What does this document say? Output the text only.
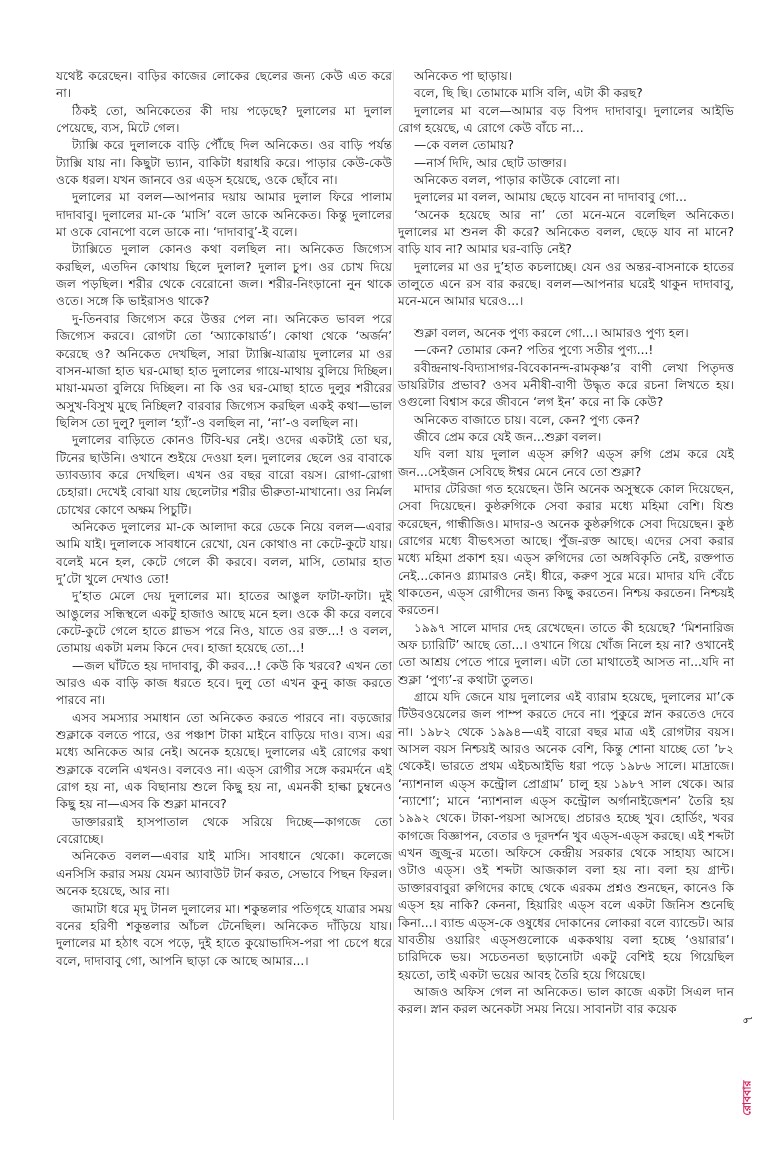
যথেষ্ট করেছেন। বাড়ির কাজের লোকের ছেলের জন্য কেউ এত করে না।

ঠিকই তো, অনিকেতের কী দায় পড়েছে? দুলালের মা দুলাল পেয়েছে, ব্যস, মিটে গেল।

ট্যাক্সি করে দুলালকে বাড়ি পৌঁছে দিল অনিকেত। ওর বাড়ি পর্যন্ত ট্যাক্সি যায় না। কিছুটা ভ্যান, বাকিটা ধরাধরি করে। পাড়ার কেউ-কেউ ওকে ধরল। যখন জানবে ওর এড্‌স হয়েছে, ওকে ছোঁবে না।

দুলালের মা বলল—আপনার দয়ায় আমার দুলাল ফিরে পালাম দাদাবাবু। দুলালের মা-কে ‘মাসি’ বলে ডাকে অনিকেত। কিন্তু দুলালের মা ওকে বোনপো বলে ডাকে না। ‘দাদাবাবু’-ই বলে।

ট্যাক্সিতে দুলাল কোনও কথা বলছিল না। অনিকেত জিগ্যেস করছিল, এতদিন কোথায় ছিলে দুলাল? দুলাল চুপ। ওর চোখ দিয়ে জল পড়ছিল। শরীর থেকে বেরোনো জল। শরীর-নিংড়ানো নুন থাকে ওতে। সঙ্গে কি ভাইরাসও থাকে?

দু-তিনবার জিগ্যেস করে উত্তর পেল না। অনিকেত ভাবল পরে জিগ্যেস করবে। রোগটা তো ‘অ্যাকোয়ার্ড’। কোথা থেকে ‘অর্জন’ করেছে ও? অনিকেত দেখছিল, সারা ট্যাক্সি-যাত্রায় দুলালের মা ওর বাসন-মাজা হাত ঘর-মোছা হাত দুলালের গায়ে-মাথায় বুলিয়ে দিচ্ছিল। মায়া-মমতা বুলিয়ে দিচ্ছিল। না কি ওর ঘর-মোছা হাতে দুলুর শরীরের অসুখ-বিসুখ মুছে নিচ্ছিল? বারবার জিগ্যেস করছিল একই কথা—ভাল ছিলিস তো দুলু? দুলাল ‘হ্যাঁ’-ও বলছিল না, ‘না’-ও বলছিল না।

দুলালের বাড়িতে কোনও টিবি-ঘর নেই। ওদের একটাই তো ঘর, টিনের ছাউনি। ওখানে শুইয়ে দেওয়া হল। দুলালের ছেলে ওর বাবাকে ড্যাবড্যাব করে দেখছিল। এখন ওর বছর বারো বয়স। রোগা-রোগা চেহারা। দেখেই বোঝা যায় ছেলেটার শরীর ভীরুতা-মাখানো। ওর নির্মল চোখের কোণে অক্ষম পিচুটি।

অনিকেত দুলালের মা-কে আলাদা করে ডেকে নিয়ে বলল—এবার আমি যাই। দুলালকে সাবধানে রেখো, যেন কোথাও না কেটে-কুটে যায়। বলেই মনে হল, কেটে গেলে কী করবে। বলল, মাসি, তোমার হাত দু’টো খুলে দেখাও তো!

দু’হাত মেলে দেয় দুলালের মা। হাতের আঙুল ফাটা-ফাটা। দুই আঙুলের সন্ধিস্থলে একটু হাজাও আছে মনে হল। ওকে কী করে বলবে কেটে-কুটে গেলে হাতে গ্লাভস পরে নিও, যাতে ওর রক্ত...! ও বলল, তোমায় একটা মলম কিনে দেব। হাজা হয়েছে তো...!

—জল ঘাঁটতে হয় দাদাবাবু, কী করব...! কেউ কি খরবে? এখন তো আরও এক বাড়ি কাজ ধরতে হবে। দুলু তো এখন কুনু কাজ করতে পারবে না।

এসব সমস্যার সমাধান তো অনিকেত করতে পারবে না। বড়জোর শুক্লাকে বলতে পারে, ওর পঞ্চাশ টাকা মাইনে বাড়িয়ে দাও। ব্যস। এর মধ্যে অনিকেত আর নেই। অনেক হয়েছে। দুলালের এই রোগের কথা শুক্লাকে বলেনি এখনও। বলবেও না। এড্‌স রোগীর সঙ্গে করমর্দনে এই রোগ হয় না, এক বিছানায় শুলে কিছু হয় না, এমনকী হাল্কা চুম্বনেও কিছু হয় না—এসব কি শুক্লা মানবে?

ডাক্তাররাই হাসপাতাল থেকে সরিয়ে দিচ্ছে—কাগজে তো বেরোচ্ছে।

অনিকেত বলল—এবার যাই মাসি। সাবধানে থেকো। কলেজে এনসিসি করার সময় যেমন অ্যাবাউট টার্ন করত, সেভাবে পিছন ফিরল। অনেক হয়েছে, আর না।

জামাটা ধরে মৃদু টানল দুলালের মা। শকুন্তলার পতিগৃহে যাত্রার সময় বনের হরিণী শকুন্তলার আঁচল টেনেছিল। অনিকেত দাঁড়িয়ে যায়। দুলালের মা হঠাৎ বসে পড়ে, দুই হাতে কুয়োভাদিস-পরা পা চেপে ধরে বলে, দাদাবাবু গো, আপনি ছাড়া কে আছে আমার...।

অনিকেত পা ছাড়ায়।

বলে, ছি ছি। তোমাকে মাসি বলি, এটা কী করছ?

দুলালের মা বলে—আমার বড় বিপদ দাদাবাবু। দুলালের আইভি রোগ হয়েছে, এ রোগে কেউ বাঁচে না...

—কে বলল তোমায়?

—নার্স দিদি, আর ছোট ডাক্তার।

অনিকেত বলল, পাড়ার কাউকে বোলো না।

দুলালের মা বলল, আমায় ছেড়ে যাবেন না দাদাবাবু গো...

‘অনেক হয়েছে আর না’ তো মনে-মনে বলেছিল অনিকেত। দুলালের মা শুনল কী করে? অনিকেত বলল, ছেড়ে যাব না মানে? বাড়ি যাব না? আমার ঘর-বাড়ি নেই?

দুলালের মা ওর দু’হাত কচলাচ্ছে। যেন ওর অন্তর-বাসনাকে হাতের তালুতে এনে রস বার করছে। বলল—আপনার ঘরেই থাকুন দাদাবাবু, মনে-মনে আমার ঘরেও...।

শুক্লা বলল, অনেক পুণ্য করলে গো...। আমারও পুণ্য হল।

—কেন? তোমার কেন? পতির পুণ্যে সতীর পুণ্য...!

রবীন্দ্রনাথ-বিদ্যাসাগর-বিবেকানন্দ-রামকৃষ্ণ’র বাণী লেখা পিতৃদত্ত ডায়রিটার প্রভাব? ওসব মনীষী-বাণী উদ্ধৃত করে রচনা লিখতে হয়। ওগুলো বিশ্বাস করে জীবনে ‘লগ ইন’ করে না কি কেউ?

অনিকেত বাজাতে চায়। বলে, কেন? পুণ্য কেন?

জীবে প্রেম করে যেই জন...শুক্লা বলল।

যদি বলা যায় দুলাল এড্‌স রুগি? এড্‌স রুগি প্রেম করে যেই জন...সেইজন সেবিছে ঈশ্বর মেনে নেবে তো শুক্লা?

মাদার টেরিজা গত হয়েছেন। উনি অনেক অসুস্থকে কোল দিয়েছেন, সেবা দিয়েছেন। কুষ্ঠরুগিকে সেবা করার মধ্যে মহিমা বেশি। যিশু করেছেন, গান্ধীজিও। মাদার-ও অনেক কুষ্ঠরুগিকে সেবা দিয়েছেন। কুষ্ঠ রোগের মধ্যে বীভৎসতা আছে। পুঁজ-রক্ত আছে। এদের সেবা করার মধ্যে মহিমা প্রকাশ হয়। এড্‌স রুগিদের তো অঙ্গবিকৃতি নেই, রক্তপাত নেই...কোনও গ্ল্যামারও নেই। ধীরে, করুণ সুরে মরে। মাদার যদি বেঁচে থাকতেন, এড্‌স রোগীদের জন্য কিছু করতেন। নিশ্চয় করতেন। নিশ্চয়ই করতেন।

১৯৯৭ সালে মাদার দেহ রেখেছেন। তাতে কী হয়েছে? ‘মিশনারিজ অফ চ্যারিটি’ আছে তো...। ওখানে গিয়ে খোঁজ নিলে হয় না? ওখানেই তো আশ্রয় পেতে পারে দুলাল। এটা তো মাথাতেই আসত না...যদি না শুক্লা ‘পুণ্য’-র কথাটা তুলত।

গ্রামে যদি জেনে যায় দুলালের এই ব্যারাম হয়েছে, দুলালের মা’কে টিউবওয়েলের জল পাম্প করতে দেবে না। পুকুরে স্নান করতেও দেবে না। ১৯৮২ থেকে ১৯৯৪—এই বারো বছর মাত্র এই রোগটার বয়স। আসল বয়স নিশ্চয়ই আরও অনেক বেশি, কিন্তু শোনা যাচ্ছে তো ’৮২ থেকেই। ভারতে প্রথম এইচআইভি ধরা পড়ে ১৯৮৬ সালে। মাদ্রাজে। ‘ন্যাশনাল এড্‌স কন্ট্রোল প্রোগ্রাম’ চালু হয় ১৯৮৭ সাল থেকে। আর ‘ন্যাশো’; মানে ‘ন্যাশনাল এড্‌স কন্ট্রোল অর্গানাইজেশন’ তৈরি হয় ১৯৯২ থেকে। টাকা-পয়সা আসছে। প্রচারও হচ্ছে খুব। হোর্ডিং, খবর কাগজে বিজ্ঞাপন, বেতার ও দূরদর্শন খুব এড্‌স-এড্‌স করছে। এই শব্দটা এখন জুজু-র মতো। অফিসে কেন্দ্রীয় সরকার থেকে সাহায্য আসে। ওটাও এড্‌স। ওই শব্দটা আজকাল বলা হয় না। বলা হয় গ্রান্ট। ডাক্তারবাবুরা রুগিদের কাছে থেকে এরকম প্রশ্নও শুনছেন, কানেও কি এড্‌স হয় নাকি? কেননা, হিয়ারিং এড্‌স বলে একটা জিনিস শুনেছি কিনা...। ব্যান্ড এড্‌স-কে ওষুধের দোকানের লোকরা বলে ব্যান্ডেট। আর যাবতীয় ওয়ারিং এড্‌সগুলোকে এককথায় বলা হচ্ছে ‘ওয়ারার’। চারিদিকে ভয়। সচেতনতা ছড়ানোটা একটু বেশিই হয়ে গিয়েছিল হয়তো, তাই একটা ভয়ের আবহ তৈরি হয়ে গিয়েছে।

আজও অফিস গেল না অনিকেত। ভাল কাজে একটা সিএল দান করল। স্নান করল অনেকটা সময় নিয়ে। সাবানটা বার কয়েক

৭
রোববার
